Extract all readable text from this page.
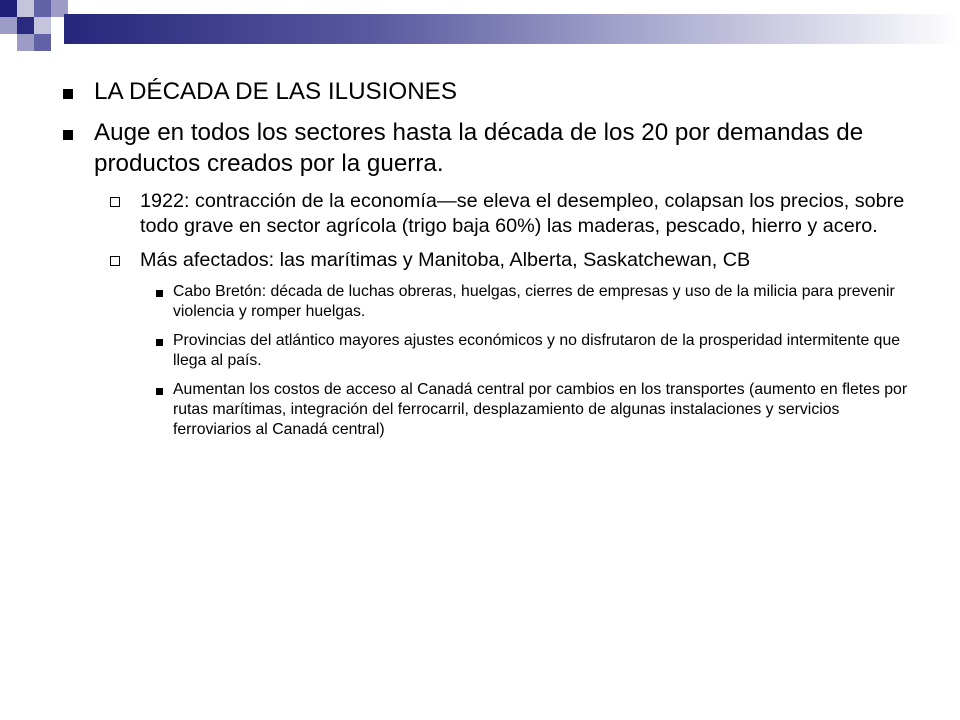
LA DÉCADA DE LAS ILUSIONES
Auge en todos los sectores hasta la década de los 20 por demandas de productos creados por la guerra.
1922: contracción de la economía—se eleva el desempleo, colapsan los precios, sobre todo grave en sector agrícola (trigo baja 60%) las maderas, pescado, hierro y acero.
Más afectados: las marítimas y Manitoba, Alberta, Saskatchewan, CB
Cabo Bretón: década de luchas obreras, huelgas, cierres de empresas y uso de la milicia para prevenir violencia y romper huelgas.
Provincias del atlántico mayores ajustes económicos y no disfrutaron de la prosperidad intermitente que llega al país.
Aumentan los costos de acceso al Canadá central por cambios en los transportes (aumento en fletes por rutas marítimas, integración del ferrocarril, desplazamiento de algunas instalaciones y servicios ferroviarios al Canadá central)
